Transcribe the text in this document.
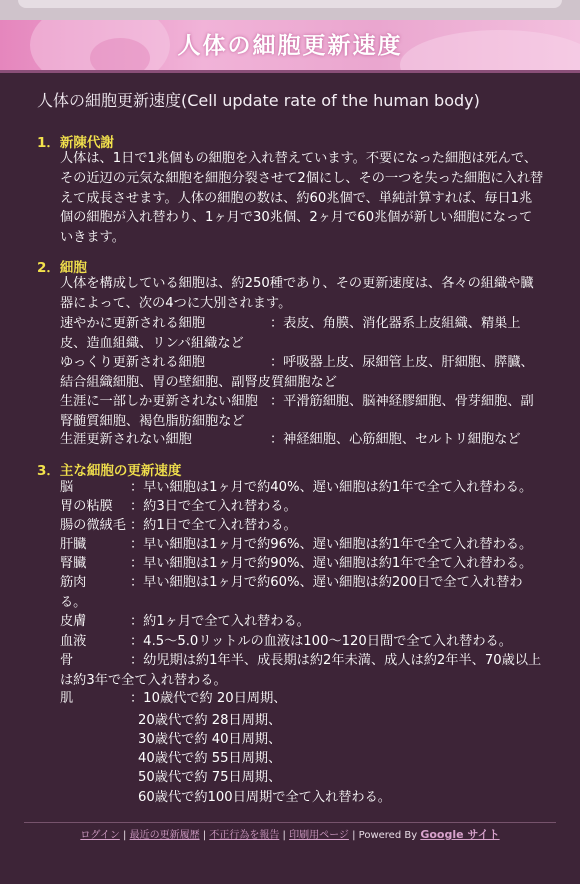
人体の細胞更新速度
人体の細胞更新速度(Cell update rate of the human body)
1．新陳代謝
人体は、1日で1兆個もの細胞を入れ替えています。不要になった細胞は死んで、その近辺の元気な細胞を細胞分裂させて2個にし、その一つを失った細胞に入れ替えて成長させます。人体の細胞の数は、約60兆個で、単純計算すれば、毎日1兆個の細胞が入れ替わり、1ヶ月で30兆個、2ヶ月で60兆個が新しい細胞になっていきます。
2．細胞
人体を構成している細胞は、約250種であり、その更新速度は、各々の組織や臓器によって、次の4つに大別されます。
速やかに更新される細胞	：表皮、角膜、消化器系上皮組織、精巣上皮、造血組織、リンパ組織など
ゆっくり更新される細胞	：呼吸器上皮、尿細管上皮、肝細胞、膵臓、結合組織細胞、胃の壁細胞、副腎皮質細胞など
生涯に一部しか更新されない細胞 ：平滑筋細胞、脳神経膠細胞、骨芽細胞、副腎髄質細胞、褐色脂肪細胞など
生涯更新されない細胞	：神経細胞、心筋細胞、セルトリ細胞など
3．主な細胞の更新速度
脳	：早い細胞は1ヶ月で約40%、遅い細胞は約1年で全て入れ替わる。
胃の粘膜	：約3日で全て入れ替わる。
腸の微絨毛 ：約1日で全て入れ替わる。
肝臓	：早い細胞は1ヶ月で約96%、遅い細胞は約1年で全て入れ替わる。
腎臓	：早い細胞は1ヶ月で約90%、遅い細胞は約1年で全て入れ替わる。
筋肉	：早い細胞は1ヶ月で約60%、遅い細胞は約200日で全て入れ替わる。
皮膚	：約1ヶ月で全て入れ替わる。
血液	：4.5〜5.0リットルの血液は100〜120日間で全て入れ替わる。
骨	：幼児期は約1年半、成長期は約2年未満、成人は約2年半、70歳以上は約3年で全て入れ替わる。
肌	：10歳代で約 20日周期、
20歳代で約 28日周期、
30歳代で約 40日周期、
40歳代で約 55日周期、
50歳代で約 75日周期、
60歳代で約100日周期で全て入れ替わる。
ログイン | 最近の更新履歴 | 不正行為を報告 | 印刷用ページ | Powered By Google サイト
